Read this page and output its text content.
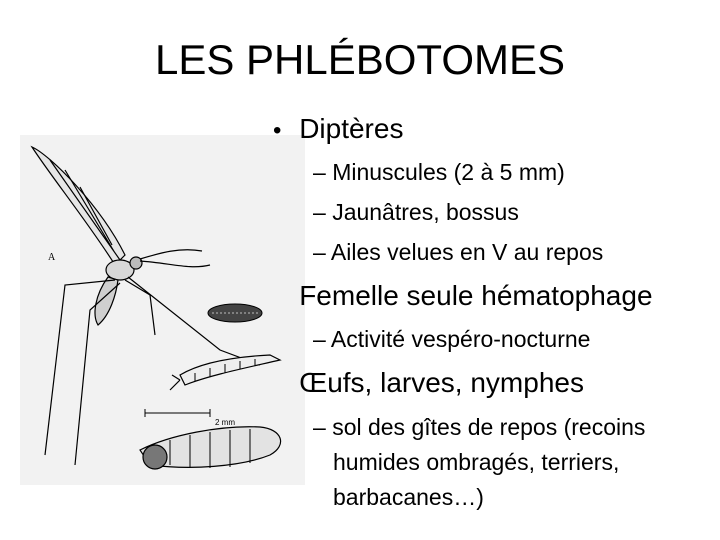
LES PHLÉBOTOMES
A
2 mm
• Diptères
– Minuscules (2 à 5 mm)
– Jaunâtres, bossus
– Ailes velues en V au repos
Femelle seule hématophage
– Activité vespéro-nocturne
Œufs, larves, nymphes
– sol des gîtes de repos (recoins
humides ombragés, terriers,
barbacanes…)
